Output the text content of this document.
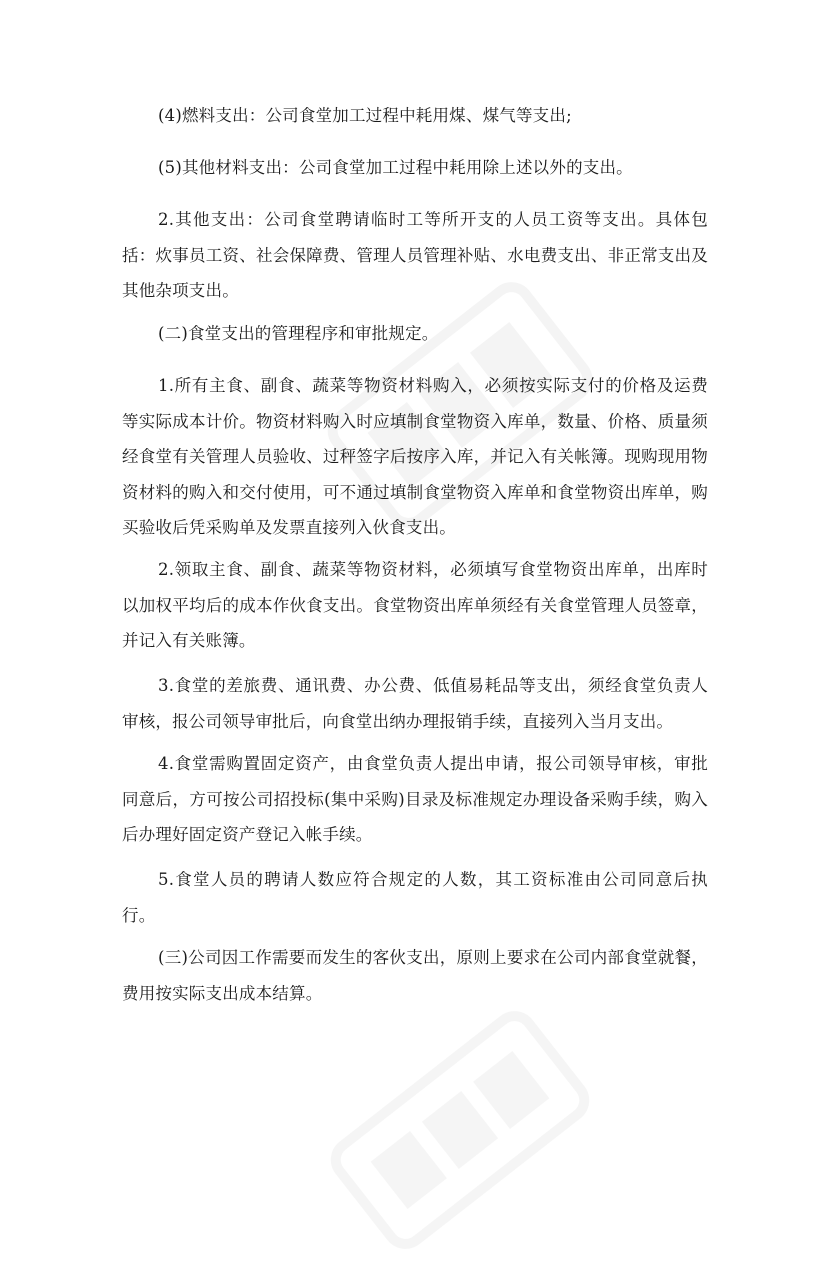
(4)燃料支出：公司食堂加工过程中耗用煤、煤气等支出;

(5)其他材料支出：公司食堂加工过程中耗用除上述以外的支出。

2.其他支出：公司食堂聘请临时工等所开支的人员工资等支出。具体包括：炊事员工资、社会保障费、管理人员管理补贴、水电费支出、非正常支出及其他杂项支出。

(二)食堂支出的管理程序和审批规定。

1.所有主食、副食、蔬菜等物资材料购入，必须按实际支付的价格及运费等实际成本计价。物资材料购入时应填制食堂物资入库单，数量、价格、质量须经食堂有关管理人员验收、过秤签字后按序入库，并记入有关帐簿。现购现用物资材料的购入和交付使用，可不通过填制食堂物资入库单和食堂物资出库单，购买验收后凭采购单及发票直接列入伙食支出。

2.领取主食、副食、蔬菜等物资材料，必须填写食堂物资出库单，出库时以加权平均后的成本作伙食支出。食堂物资出库单须经有关食堂管理人员签章，并记入有关账簿。

3.食堂的差旅费、通讯费、办公费、低值易耗品等支出，须经食堂负责人审核，报公司领导审批后，向食堂出纳办理报销手续，直接列入当月支出。

4.食堂需购置固定资产，由食堂负责人提出申请，报公司领导审核，审批同意后，方可按公司招投标(集中采购)目录及标准规定办理设备采购手续，购入后办理好固定资产登记入帐手续。

5.食堂人员的聘请人数应符合规定的人数，其工资标准由公司同意后执行。

(三)公司因工作需要而发生的客伙支出，原则上要求在公司内部食堂就餐，费用按实际支出成本结算。
